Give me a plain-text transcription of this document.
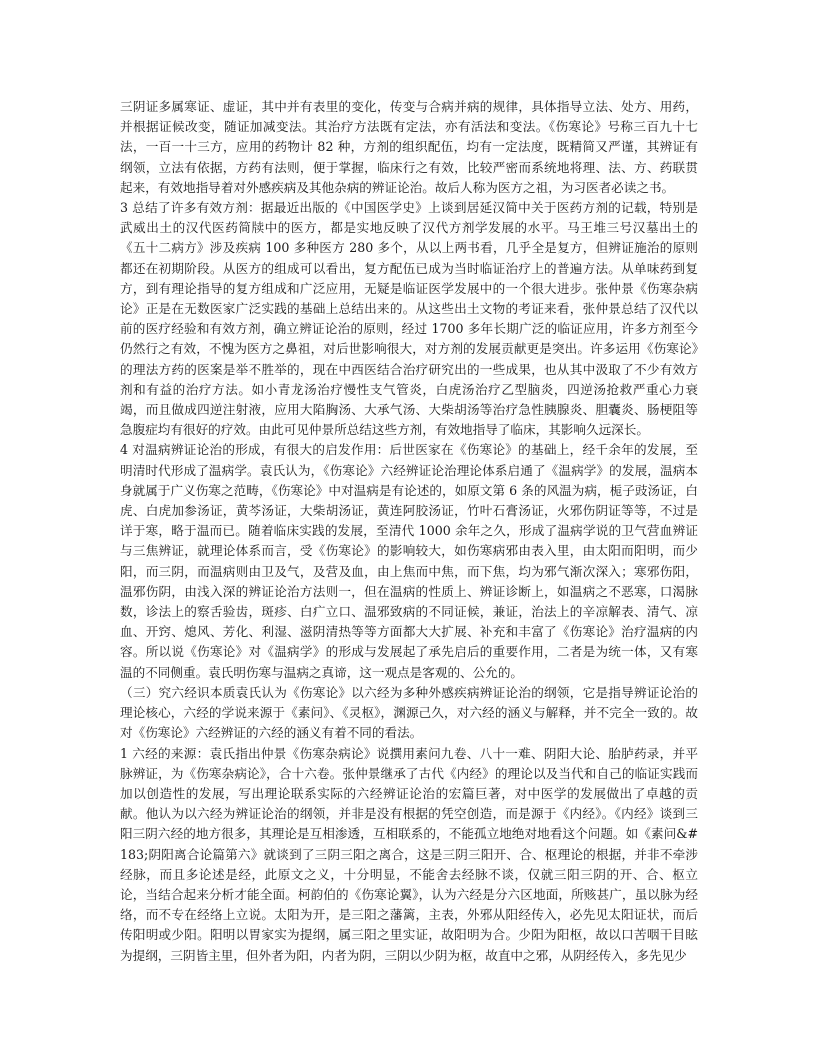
三阴证多属寒证、虚证，其中并有表里的变化，传变与合病并病的规律，具体指导立法、处方、用药，并根据证候改变，随证加减变法。其治疗方法既有定法，亦有活法和变法。《伤寒论》号称三百九十七法，一百一十三方，应用的药物计 82 种，方剂的组织配伍，均有一定法度，既精简又严谨，其辨证有纲领，立法有依据，方药有法则，便于掌握，临床行之有效，比较严密而系统地将理、法、方、药联贯起来，有效地指导着对外感疾病及其他杂病的辨证论治。故后人称为医方之祖，为习医者必读之书。

3 总结了许多有效方剂：据最近出版的《中国医学史》上谈到居延汉简中关于医药方剂的记载，特别是武威出土的汉代医药简牍中的医方，都是实地反映了汉代方剂学发展的水平。马王堆三号汉墓出土的《五十二病方》涉及疾病 100 多种医方 280 多个，从以上两书看，几乎全是复方，但辨证施治的原则都还在初期阶段。从医方的组成可以看出，复方配伍已成为当时临证治疗上的普遍方法。从单味药到复方，到有理论指导的复方组成和广泛应用，无疑是临证医学发展中的一个很大进步。张仲景《伤寒杂病论》正是在无数医家广泛实践的基础上总结出来的。从这些出土文物的考证来看，张仲景总结了汉代以前的医疗经验和有效方剂，确立辨证论治的原则，经过 1700 多年长期广泛的临证应用，许多方剂至今仍然行之有效，不愧为医方之鼻祖，对后世影响很大，对方剂的发展贡献更是突出。许多运用《伤寒论》的理法方药的医案是举不胜举的，现在中西医结合治疗研究出的一些成果，也从其中汲取了不少有效方剂和有益的治疗方法。如小青龙汤治疗慢性支气管炎，白虎汤治疗乙型脑炎，四逆汤抢救严重心力衰竭，而且做成四逆注射液，应用大陷胸汤、大承气汤、大柴胡汤等治疗急性胰腺炎、胆囊炎、肠梗阻等急腹症均有很好的疗效。由此可见仲景所总结这些方剂，有效地指导了临床，其影响久远深长。

4 对温病辨证论治的形成，有很大的启发作用：后世医家在《伤寒论》的基础上，经千余年的发展，至明清时代形成了温病学。袁氏认为，《伤寒论》六经辨证论治理论体系启通了《温病学》的发展，温病本身就属于广义伤寒之范畴，《伤寒论》中对温病是有论述的，如原文第 6 条的风温为病，栀子豉汤证，白虎、白虎加参汤证，黄芩汤证，大柴胡汤证，黄连阿胶汤证，竹叶石膏汤证，火邪伤阴证等等，不过是详于寒，略于温而已。随着临床实践的发展，至清代 1000 余年之久，形成了温病学说的卫气营血辨证与三焦辨证，就理论体系而言，受《伤寒论》的影响较大，如伤寒病邪由表入里，由太阳而阳明，而少阳，而三阴，而温病则由卫及气，及营及血，由上焦而中焦，而下焦，均为邪气渐次深入；寒邪伤阳，温邪伤阴，由浅入深的辨证论治方法则一，但在温病的性质上、辨证诊断上，如温病之不恶寒，口渴脉数，诊法上的察舌验齿，斑疹、白疒立口、温邪致病的不同证候，兼证，治法上的辛凉解表、清气、凉血、开窍、熄风、芳化、利湿、滋阴清热等等方面都大大扩展、补充和丰富了《伤寒论》治疗温病的内容。所以说《伤寒论》对《温病学》的形成与发展起了承先启后的重要作用，二者是为统一体，又有寒温的不同侧重。袁氏明伤寒与温病之真谛，这一观点是客观的、公允的。

（三）究六经识本质袁氏认为《伤寒论》以六经为多种外感疾病辨证论治的纲领，它是指导辨证论治的理论核心，六经的学说来源于《素问》、《灵枢》，渊源己久，对六经的涵义与解释，并不完全一致的。故对《伤寒论》六经辨证的六经的涵义有着不同的看法。

1 六经的来源：袁氏指出仲景《伤寒杂病论》说撰用素问九卷、八十一难、阴阳大论、胎胪药录，并平脉辨证，为《伤寒杂病论》，合十六卷。张仲景继承了古代《内经》的理论以及当代和自己的临证实践而加以创造性的发展，写出理论联系实际的六经辨证论治的宏篇巨著，对中医学的发展做出了卓越的贡献。他认为以六经为辨证论治的纲领，并非是没有根据的凭空创造，而是源于《内经》。《内经》谈到三阳三阴六经的地方很多，其理论是互相渗透，互相联系的，不能孤立地绝对地看这个问题。如《素问&#183;阴阳离合论篇第六》就谈到了三阴三阳之离合，这是三阴三阳开、合、枢理论的根据，并非不牵涉经脉，而且多论述是经，此原文之义，十分明显，不能舍去经脉不谈，仅就三阳三阴的开、合、枢立论，当结合起来分析才能全面。柯韵伯的《伤寒论翼》，认为六经是分六区地面，所赅甚广，虽以脉为经络，而不专在经络上立说。太阳为开，是三阳之藩篱，主表，外邪从阳经传入，必先见太阳证状，而后传阳明或少阳。阳明以胃家实为提纲，属三阳之里实证，故阳明为合。少阳为阳枢，故以口苦咽干目眩为提纲，三阴皆主里，但外者为阳，内者为阴，三阴以少阴为枢，故直中之邪，从阴经传入，多先见少
